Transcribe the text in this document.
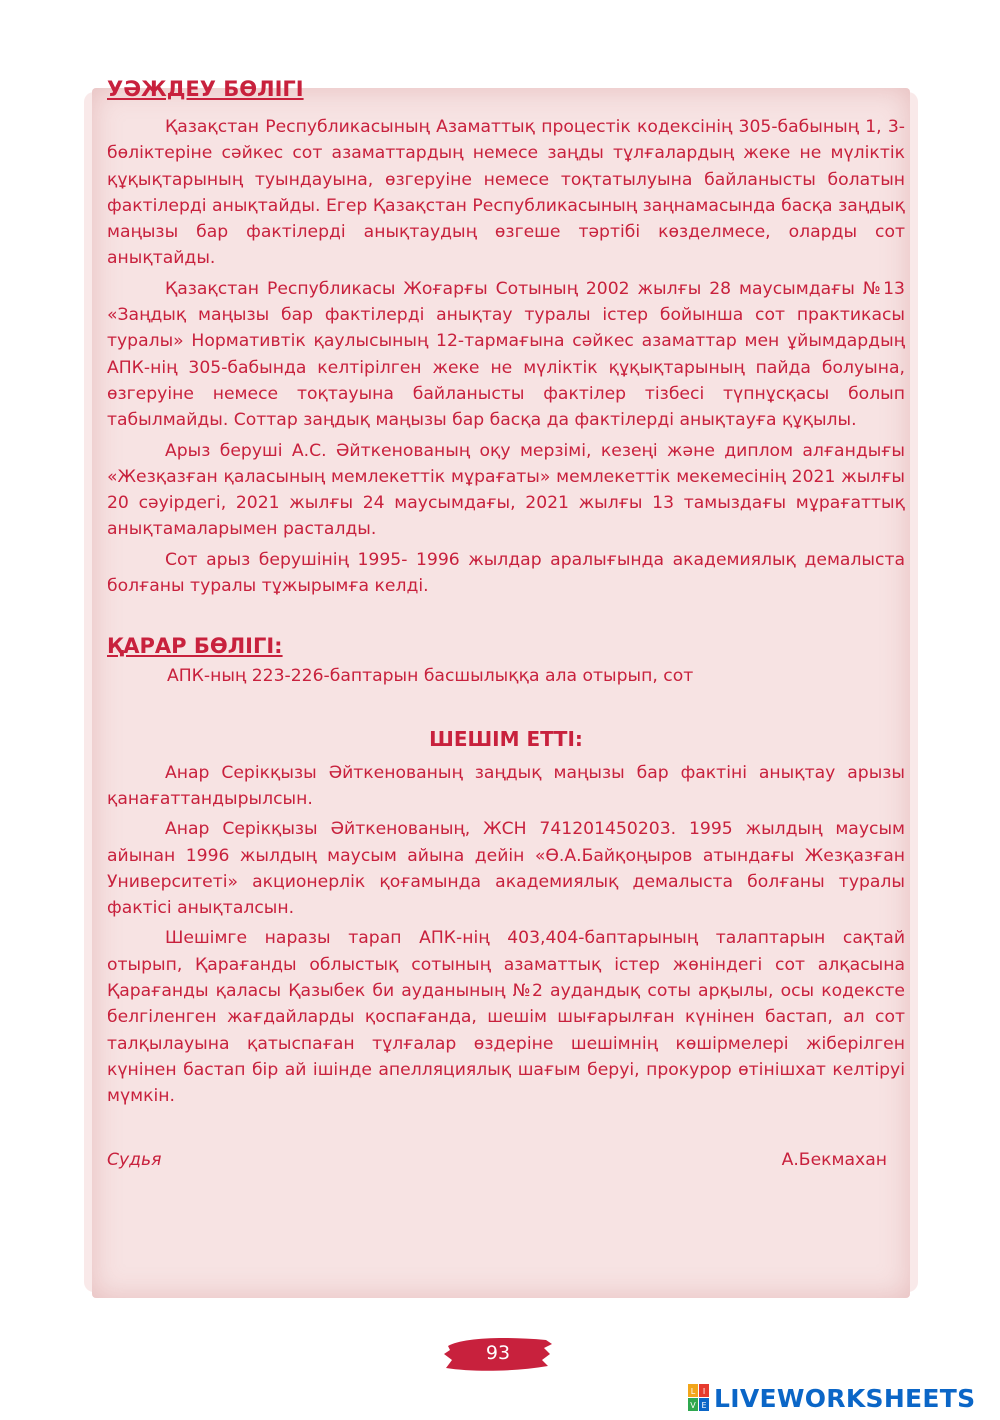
УӘЖДЕУ БӨЛІГІ

Қазақстан Республикасының Азаматтық процестік кодексінің 305-бабының 1, 3-бөліктеріне сәйкес сот азаматтардың немесе заңды тұлғалардың жеке не мүліктік құқықтарының туындауына, өзгеруіне немесе тоқтатылуына байланысты болатын фактілерді анықтайды. Егер Қазақстан Республикасының заңнамасында басқа заңдық маңызы бар фактілерді анықтаудың өзгеше тәртібі көзделмесе, оларды сот анықтайды.

Қазақстан Республикасы Жоғарғы Сотының 2002 жылғы 28 маусымдағы №13 «Заңдық маңызы бар фактілерді анықтау туралы істер бойынша сот практикасы туралы» Нормативтік қаулысының 12-тармағына сәйкес азаматтар мен ұйымдардың АПК-нің 305-бабында келтірілген жеке не мүліктік құқықтарының пайда болуына, өзгеруіне немесе тоқтауына байланысты фактілер тізбесі түпнұсқасы болып табылмайды. Соттар заңдық маңызы бар басқа да фактілерді анықтауға құқылы.

Арыз беруші А.С. Әйткенованың оқу мерзімі, кезеңі және диплом алғандығы «Жезқазған қаласының мемлекеттік мұрағаты» мемлекеттік мекемесінің 2021 жылғы 20 сәуірдегі, 2021 жылғы 24 маусымдағы, 2021 жылғы 13 тамыздағы мұрағаттық анықтамаларымен расталды.

Сот арыз берушінің 1995- 1996 жылдар аралығында академиялық демалыста болғаны туралы тұжырымға келді.

ҚАРАР БӨЛІГІ:

АПК-ның 223-226-баптарын басшылыққа ала отырып, сот

ШЕШІМ ЕТТІ:

Анар Серікқызы Әйткенованың заңдық маңызы бар фактіні анықтау арызы қанағаттандырылсын.

Анар Серікқызы Әйткенованың, ЖСН 741201450203. 1995 жылдың маусым айынан 1996 жылдың маусым айына дейін «Ө.А.Байқоңыров атындағы Жезқазған Университеті» акционерлік қоғамында академиялық демалыста болғаны туралы фактісі анықталсын.

Шешімге наразы тарап АПК-нің 403,404-баптарының талаптарын сақтай отырып, Қарағанды облыстық сотының азаматтық істер жөніндегі сот алқасына Қарағанды қаласы Қазыбек би ауданының №2 аудандық соты арқылы, осы кодексте белгіленген жағдайларды қоспағанда, шешім шығарылған күнінен бастап, ал сот талқылауына қатыспаған тұлғалар өздеріне шешімнің көшірмелері жіберілген күнінен бастап бір ай ішінде апелляциялық шағым беруі, прокурор өтінішхат келтіруі мүмкін.

Судья	А.Бекмахан
93
L I
V E LIVEWORKSHEETS
